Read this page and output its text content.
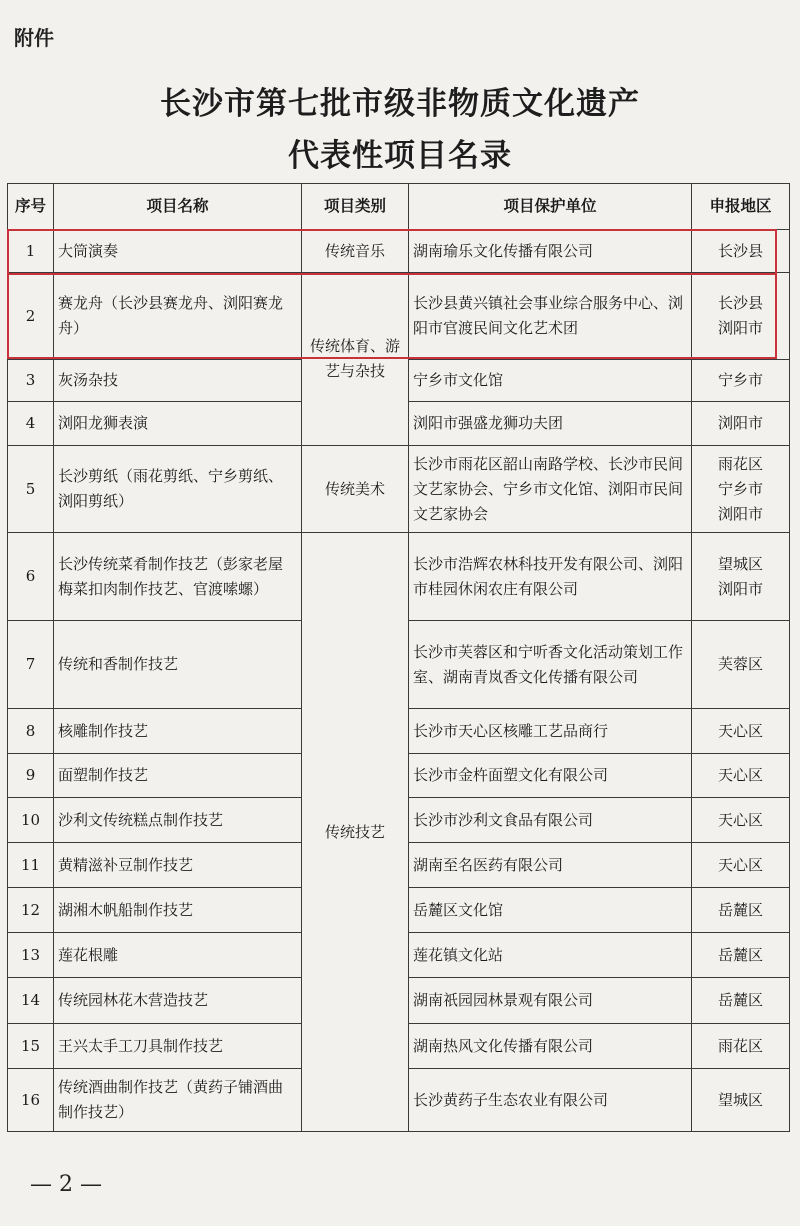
附件
长沙市第七批市级非物质文化遗产
代表性项目名录
序号	项目名称	项目类别	项目保护单位	申报地区
1	大筒演奏	传统音乐	湖南瑜乐文化传播有限公司	长沙县
2	赛龙舟（长沙县赛龙舟、浏阳赛龙舟）	传统体育、游艺与杂技	长沙县黄兴镇社会事业综合服务中心、浏阳市官渡民间文化艺术团	长沙县
浏阳市
3	灰汤杂技		宁乡市文化馆	宁乡市
4	浏阳龙狮表演		浏阳市强盛龙狮功夫团	浏阳市
5	长沙剪纸（雨花剪纸、宁乡剪纸、浏阳剪纸）	传统美术	长沙市雨花区韶山南路学校、长沙市民间文艺家协会、宁乡市文化馆、浏阳市民间文艺家协会	雨花区
宁乡市
浏阳市
6	长沙传统菜肴制作技艺（彭家老屋梅菜扣肉制作技艺、官渡嗦螺）	传统技艺	长沙市浩辉农林科技开发有限公司、浏阳市桂园休闲农庄有限公司	望城区
浏阳市
7	传统和香制作技艺		长沙市芙蓉区和宁听香文化活动策划工作室、湖南青岚香文化传播有限公司	芙蓉区
8	核雕制作技艺		长沙市天心区核雕工艺品商行	天心区
9	面塑制作技艺		长沙市金杵面塑文化有限公司	天心区
10	沙利文传统糕点制作技艺		长沙市沙利文食品有限公司	天心区
11	黄精滋补豆制作技艺		湖南至名医药有限公司	天心区
12	湖湘木帆船制作技艺		岳麓区文化馆	岳麓区
13	莲花根雕		莲花镇文化站	岳麓区
14	传统园林花木营造技艺		湖南祇园园林景观有限公司	岳麓区
15	王兴太手工刀具制作技艺		湖南热风文化传播有限公司	雨花区
16	传统酒曲制作技艺（黄药子铺酒曲制作技艺）		长沙黄药子生态农业有限公司	望城区
— 2 —
